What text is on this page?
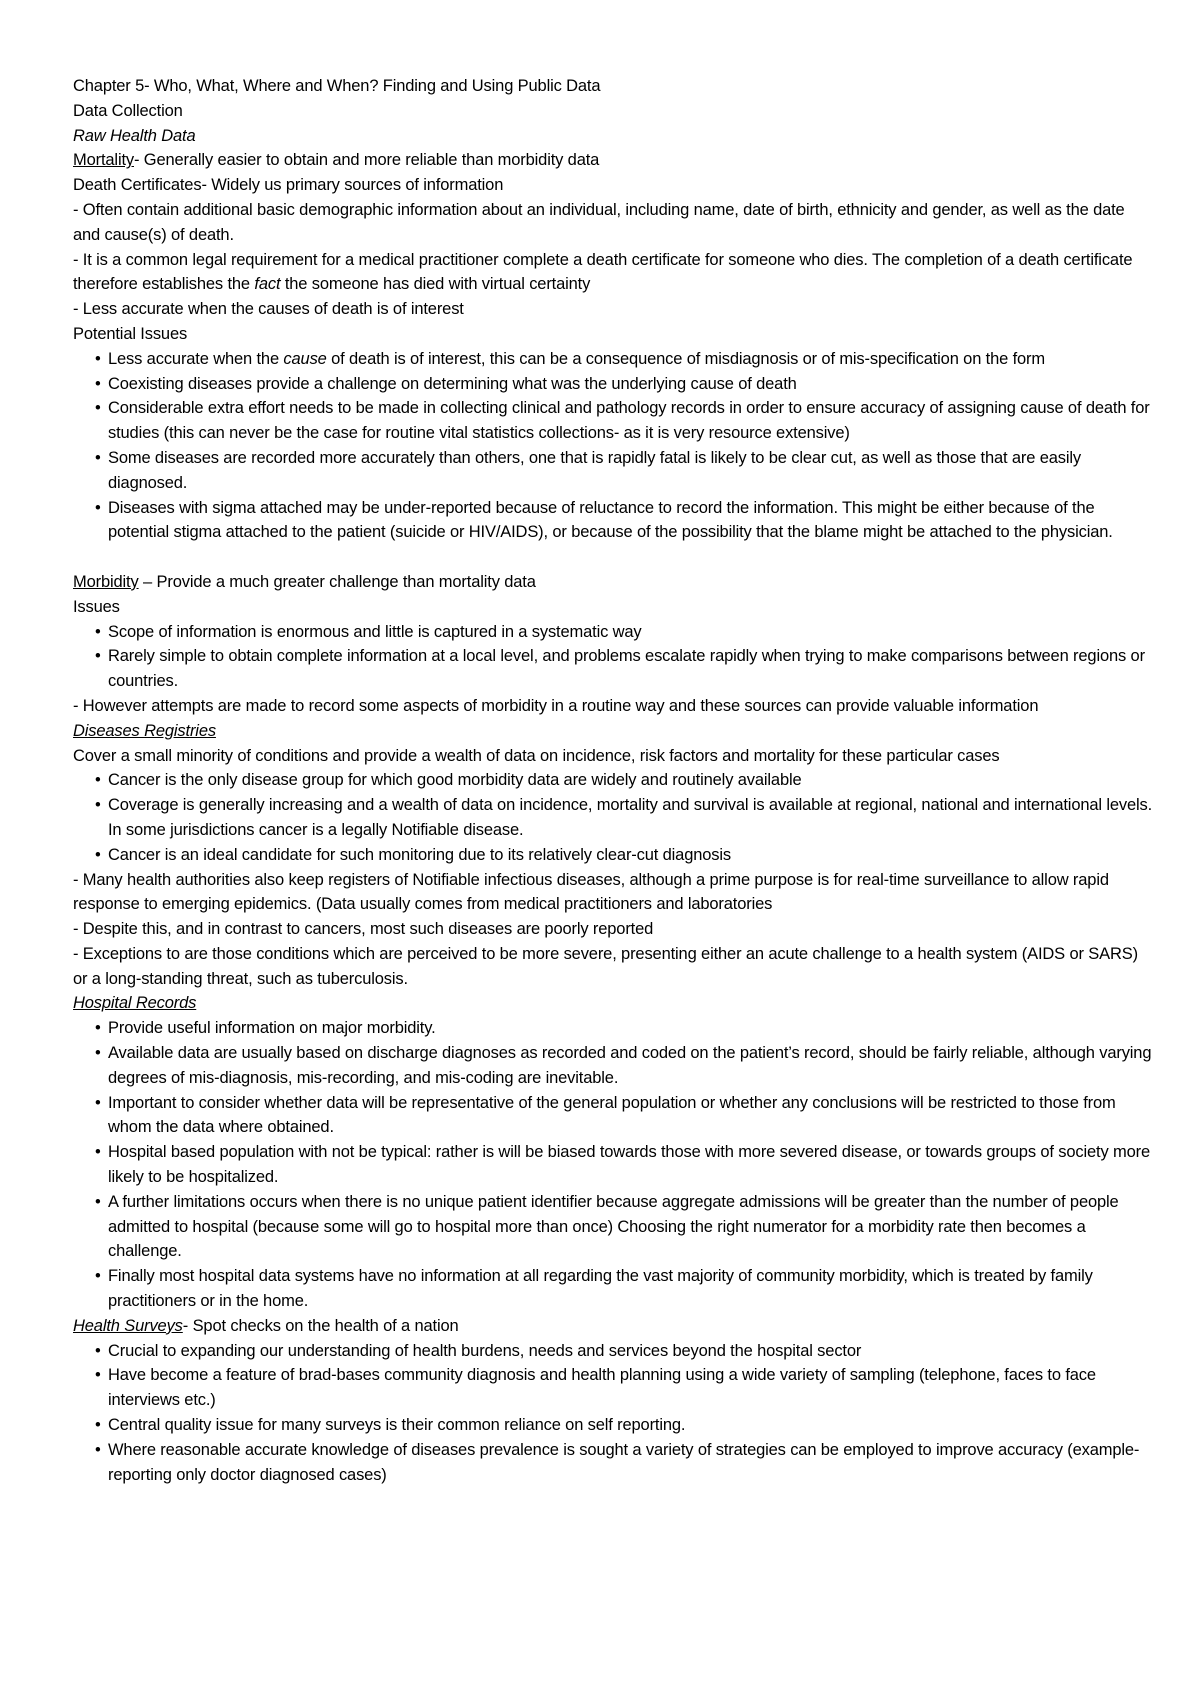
Chapter 5- Who, What, Where and When? Finding and Using Public Data
Data Collection
Raw Health Data
Mortality- Generally easier to obtain and more reliable than morbidity data
Death Certificates- Widely us primary sources of information
- Often contain additional basic demographic information about an individual, including name, date of birth, ethnicity and gender, as well as the date and cause(s) of death.
- It is a common legal requirement for a medical practitioner complete a death certificate for someone who dies. The completion of a death certificate therefore establishes the fact the someone has died with virtual certainty
- Less accurate when the causes of death is of interest
Potential Issues
• Less accurate when the cause of death is of interest, this can be a consequence of misdiagnosis or of mis-specification on the form
• Coexisting diseases provide a challenge on determining what was the underlying cause of death
• Considerable extra effort needs to be made in collecting clinical and pathology records in order to ensure accuracy of assigning cause of death for studies (this can never be the case for routine vital statistics collections- as it is very resource extensive)
• Some diseases are recorded more accurately than others, one that is rapidly fatal is likely to be clear cut, as well as those that are easily diagnosed.
• Diseases with sigma attached may be under-reported because of reluctance to record the information. This might be either because of the potential stigma attached to the patient (suicide or HIV/AIDS), or because of the possibility that the blame might be attached to the physician.

Morbidity – Provide a much greater challenge than mortality data
Issues
• Scope of information is enormous and little is captured in a systematic way
• Rarely simple to obtain complete information at a local level, and problems escalate rapidly when trying to make comparisons between regions or countries.
- However attempts are made to record some aspects of morbidity in a routine way and these sources can provide valuable information
Diseases Registries
Cover a small minority of conditions and provide a wealth of data on incidence, risk factors and mortality for these particular cases
• Cancer is the only disease group for which good morbidity data are widely and routinely available
• Coverage is generally increasing and a wealth of data on incidence, mortality and survival is available at regional, national and international levels. In some jurisdictions cancer is a legally Notifiable disease.
• Cancer is an ideal candidate for such monitoring due to its relatively clear-cut diagnosis
- Many health authorities also keep registers of Notifiable infectious diseases, although a prime purpose is for real-time surveillance to allow rapid response to emerging epidemics. (Data usually comes from medical practitioners and laboratories
- Despite this, and in contrast to cancers, most such diseases are poorly reported
- Exceptions to are those conditions which are perceived to be more severe, presenting either an acute challenge to a health system (AIDS or SARS) or a long-standing threat, such as tuberculosis.
Hospital Records
• Provide useful information on major morbidity.
• Available data are usually based on discharge diagnoses as recorded and coded on the patient’s record, should be fairly reliable, although varying degrees of mis-diagnosis, mis-recording, and mis-coding are inevitable.
• Important to consider whether data will be representative of the general population or whether any conclusions will be restricted to those from whom the data where obtained.
• Hospital based population with not be typical: rather is will be biased towards those with more severed disease, or towards groups of society more likely to be hospitalized.
• A further limitations occurs when there is no unique patient identifier because aggregate admissions will be greater than the number of people admitted to hospital (because some will go to hospital more than once) Choosing the right numerator for a morbidity rate then becomes a challenge.
• Finally most hospital data systems have no information at all regarding the vast majority of community morbidity, which is treated by family practitioners or in the home.
Health Surveys- Spot checks on the health of a nation
• Crucial to expanding our understanding of health burdens, needs and services beyond the hospital sector
• Have become a feature of brad-bases community diagnosis and health planning using a wide variety of sampling (telephone, faces to face interviews etc.)
• Central quality issue for many surveys is their common reliance on self reporting.
• Where reasonable accurate knowledge of diseases prevalence is sought a variety of strategies can be employed to improve accuracy (example- reporting only doctor diagnosed cases)
